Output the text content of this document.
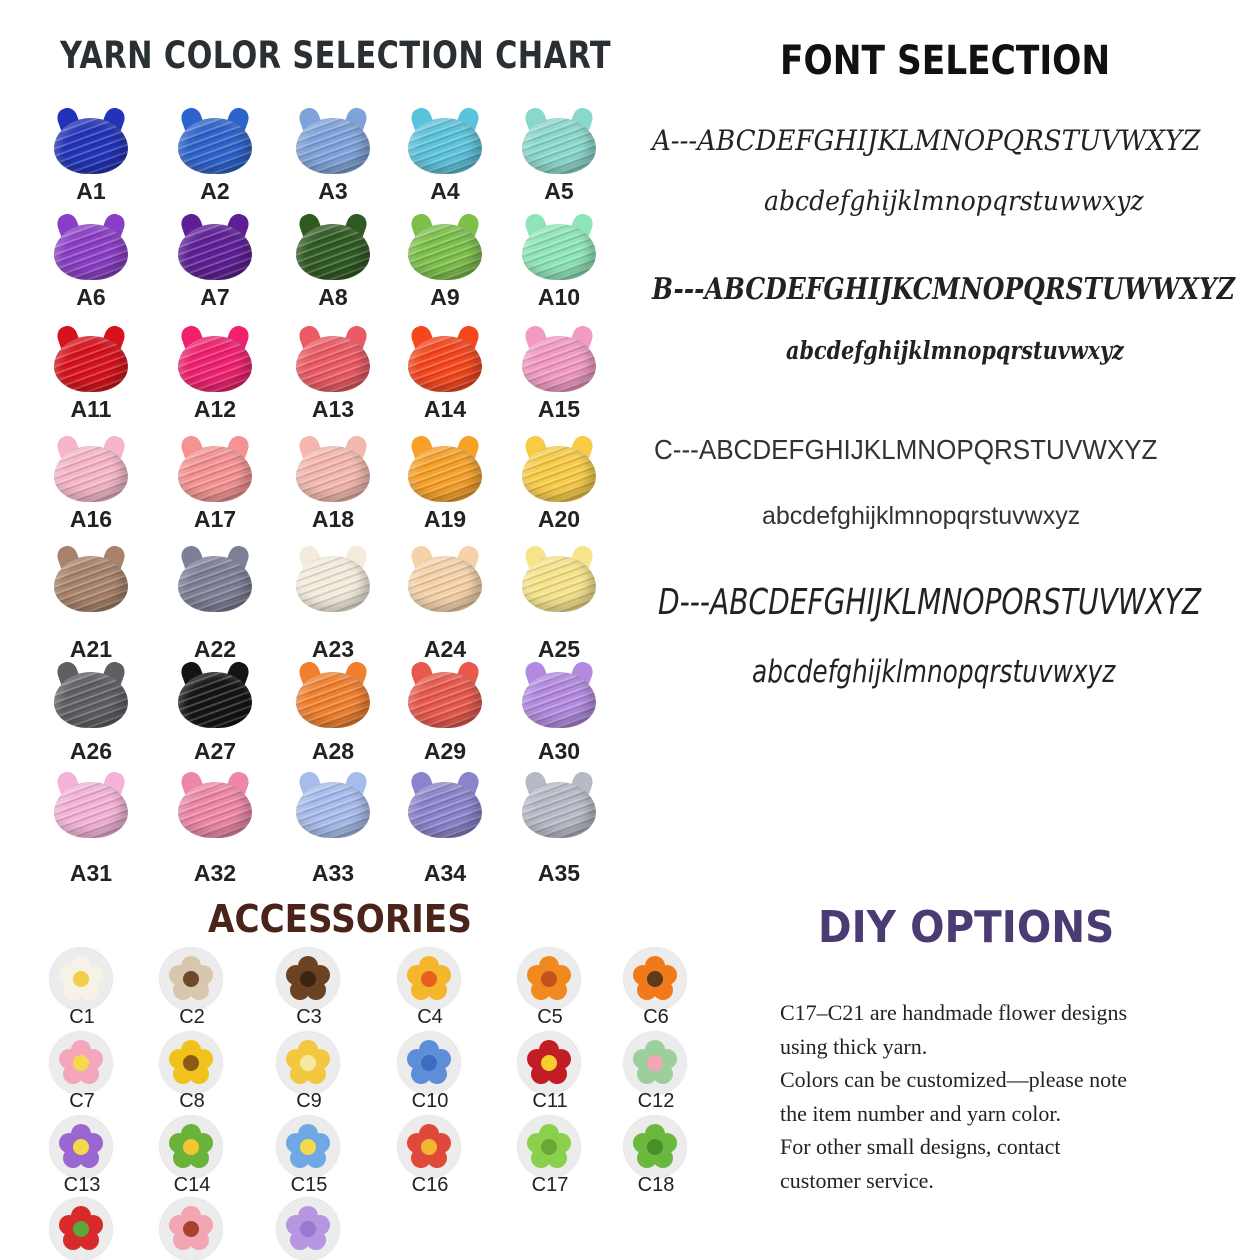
YARN COLOR SELECTION CHART
A1	A2	A3	A4	A5
A6	A7	A8	A9	A10
A11	A12	A13	A14	A15
A16	A17	A18	A19	A20
A21	A22	A23	A24	A25
A26	A27	A28	A29	A30
A31	A32	A33	A34	A35
FONT SELECTION
A---ABCDEFGHIJKLMNOPQRSTUVWXYZ
abcdefghijklmnopqrstuwwxyz
B---ABCDEFGHIJKCMNOPQRSTUWWXYZ
abcdefghijklmnopqrstuvwxyz
C---ABCDEFGHIJKLMNOPQRSTUVWXYZ
abcdefghijklmnopqrstuvwxyz
D---ABCDEFGHIJKLMNOPORSTUVWXYZ
abcdefghijklmnopqrstuvwxyz
ACCESSORIES
C1	C2	C3	C4	C5	C6
C7	C8	C9	C10	C11	C12
C13	C14	C15	C16	C17	C18
DIY OPTIONS

C17–C21 are handmade flower designs

using thick yarn.

Colors can be customized—please note

the item number and yarn color.

For other small designs, contact

customer service.
